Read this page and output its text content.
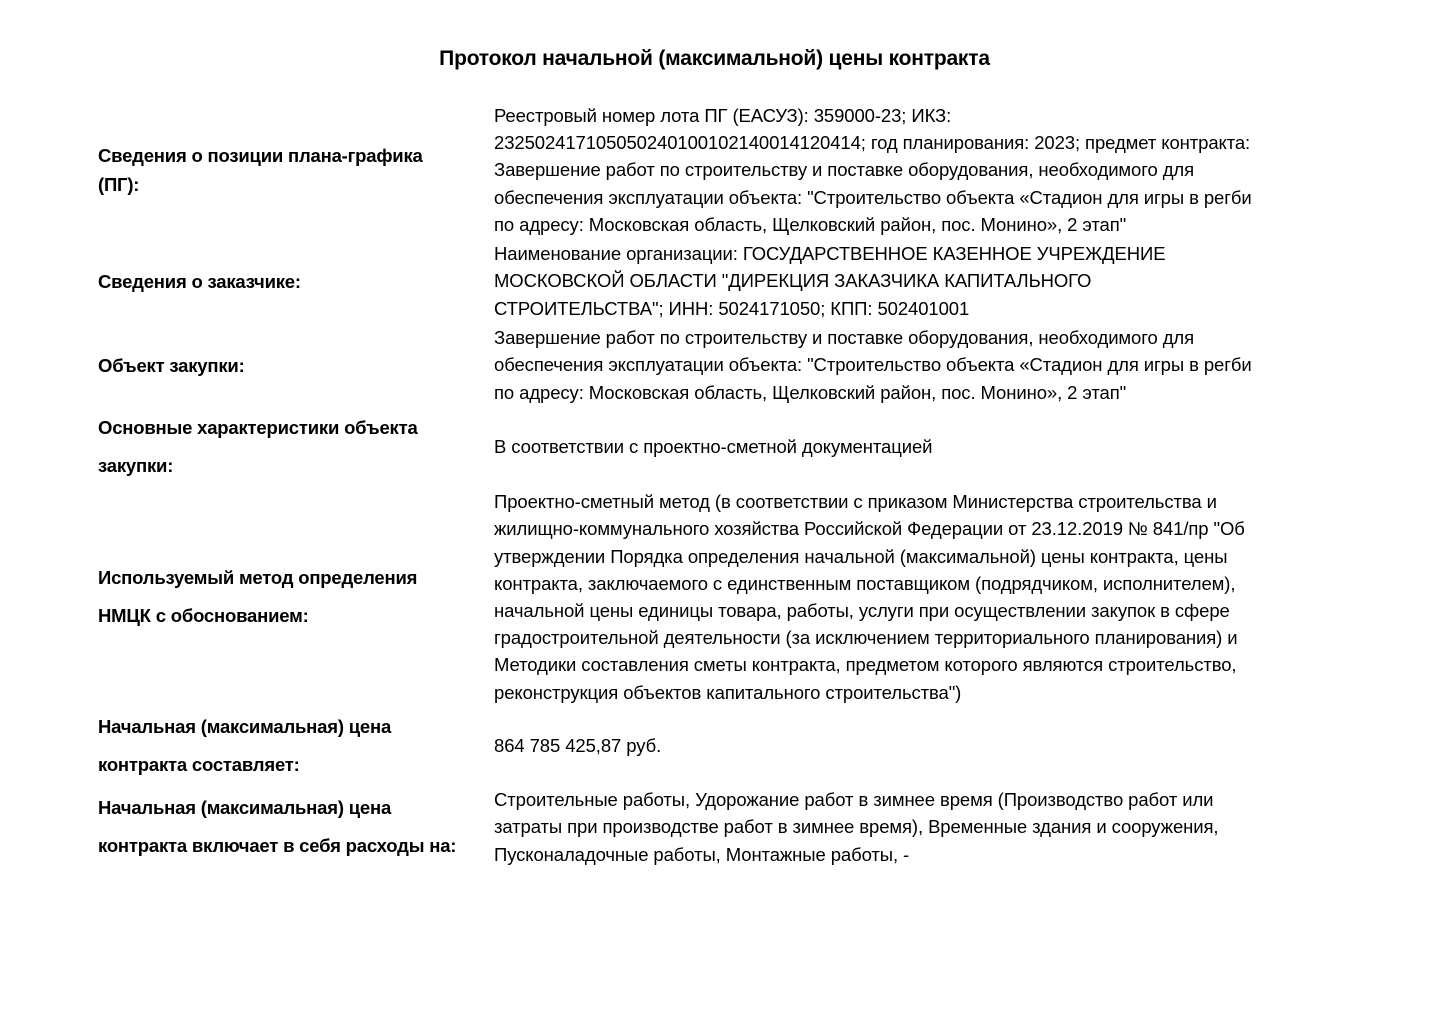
Протокол начальной (максимальной) цены контракта
Сведения о позиции плана-графика
(ПГ):
Реестровый номер лота ПГ (ЕАСУЗ): 359000-23; ИКЗ:
232502417105050240100102140014120414; год планирования: 2023; предмет контракта:
Завершение работ по строительству и поставке оборудования, необходимого для
обеспечения эксплуатации объекта: "Строительство объекта «Стадион для игры в регби
по адресу: Московская область, Щелковский район, пос. Монино», 2 этап"
Сведения о заказчике:
Наименование организации: ГОСУДАРСТВЕННОЕ КАЗЕННОЕ УЧРЕЖДЕНИЕ
МОСКОВСКОЙ ОБЛАСТИ "ДИРЕКЦИЯ ЗАКАЗЧИКА КАПИТАЛЬНОГО
СТРОИТЕЛЬСТВА"; ИНН: 5024171050; КПП: 502401001
Объект закупки:
Завершение работ по строительству и поставке оборудования, необходимого для
обеспечения эксплуатации объекта: "Строительство объекта «Стадион для игры в регби
по адресу: Московская область, Щелковский район, пос. Монино», 2 этап"
Основные характеристики объекта
закупки:
В соответствии с проектно-сметной документацией
Используемый метод определения
НМЦК с обоснованием:
Проектно-сметный метод (в соответствии с приказом Министерства строительства и
жилищно-коммунального хозяйства Российской Федерации от 23.12.2019 № 841/пр "Об
утверждении Порядка определения начальной (максимальной) цены контракта, цены
контракта, заключаемого с единственным поставщиком (подрядчиком, исполнителем),
начальной цены единицы товара, работы, услуги при осуществлении закупок в сфере
градостроительной деятельности (за исключением территориального планирования) и
Методики составления сметы контракта, предметом которого являются строительство,
реконструкция объектов капитального строительства")
Начальная (максимальная) цена
контракта составляет:
864 785 425,87 руб.
Начальная (максимальная) цена
контракта включает в себя расходы на:
Строительные работы, Удорожание работ в зимнее время (Производство работ или
затраты при производстве работ в зимнее время), Временные здания и сооружения,
Пусконаладочные работы, Монтажные работы, -
